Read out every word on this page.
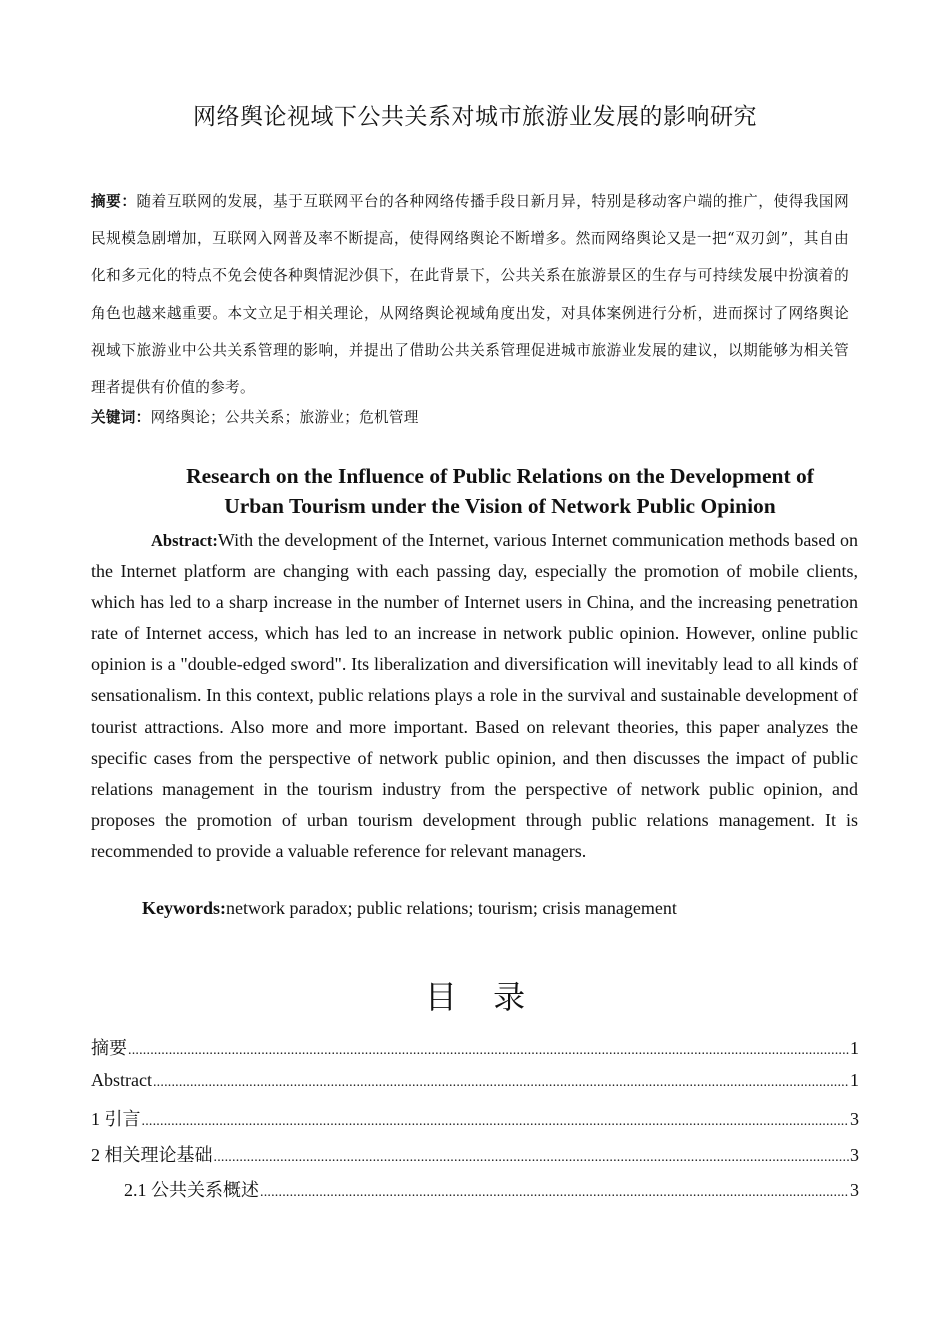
网络舆论视域下公共关系对城市旅游业发展的影响研究
摘要：随着互联网的发展，基于互联网平台的各种网络传播手段日新月异，特别是移动客户端的推广，使得我国网民规模急剧增加，互联网入网普及率不断提高，使得网络舆论不断增多。然而网络舆论又是一把“双刃剑”，其自由化和多元化的特点不免会使各种舆情泥沙俱下，在此背景下，公共关系在旅游景区的生存与可持续发展中扮演着的角色也越来越重要。本文立足于相关理论，从网络舆论视域角度出发，对具体案例进行分析，进而探讨了网络舆论视域下旅游业中公共关系管理的影响，并提出了借助公共关系管理促进城市旅游业发展的建议，以期能够为相关管理者提供有价值的参考。
关键词：网络舆论；公共关系；旅游业；危机管理
Research on the Influence of Public Relations on the Development of
Urban Tourism under the Vision of Network Public Opinion
Abstract:With the development of the Internet, various Internet communication methods based on the Internet platform are changing with each passing day, especially the promotion of mobile clients, which has led to a sharp increase in the number of Internet users in China, and the increasing penetration rate of Internet access, which has led to an increase in network public opinion. However, online public opinion is a "double-edged sword". Its liberalization and diversification will inevitably lead to all kinds of sensationalism. In this context, public relations plays a role in the survival and sustainable development of tourist attractions. Also more and more important. Based on relevant theories, this paper analyzes the specific cases from the perspective of network public opinion, and then discusses the impact of public relations management in the tourism industry from the perspective of network public opinion, and proposes the promotion of urban tourism development through public relations management. It is recommended to provide a valuable reference for relevant managers.
Keywords:network paradox; public relations; tourism; crisis management
目 录
摘要 .....	1
Abstract .....	1
1 引言 .....	3
2 相关理论基础 .....	3
2.1 公共关系概述 .....	3
